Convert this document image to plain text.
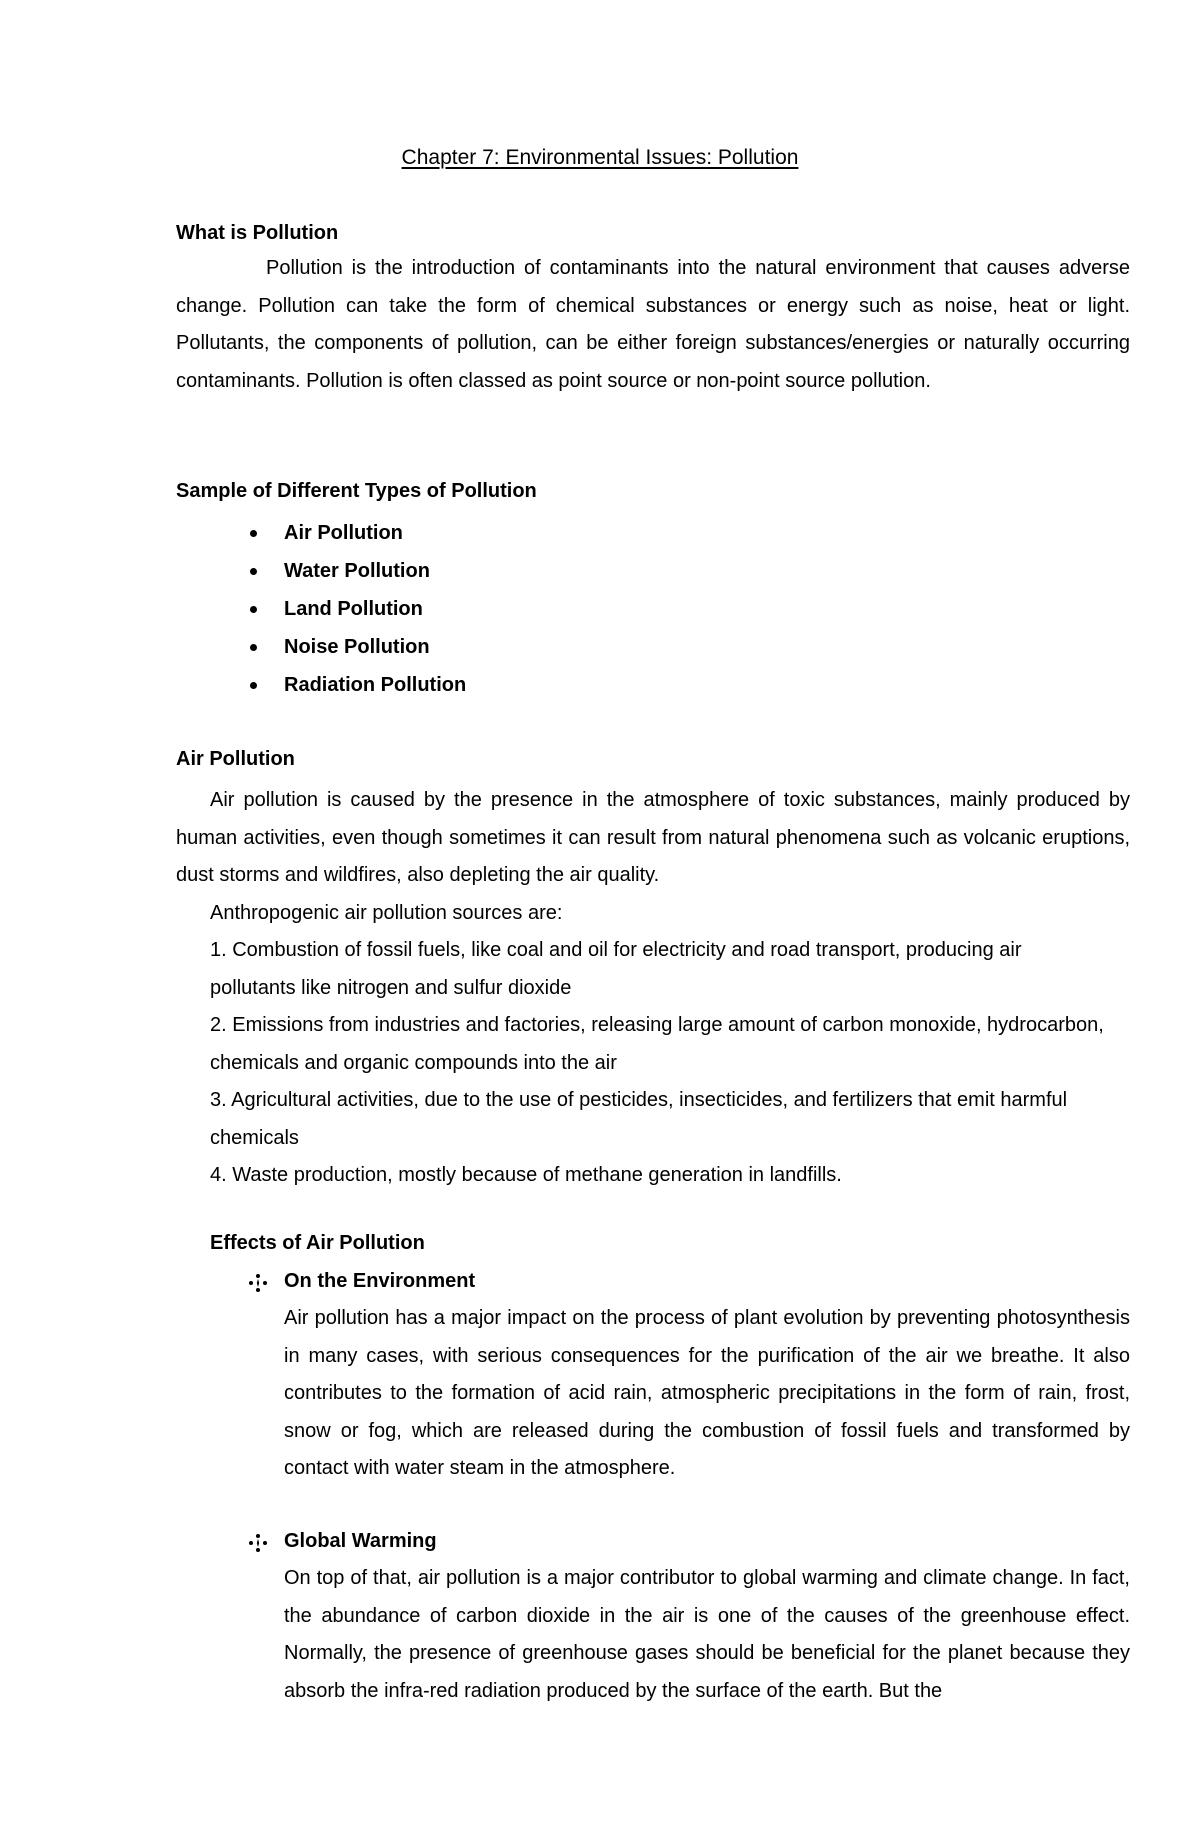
Chapter 7: Environmental Issues: Pollution
What is Pollution
Pollution is the introduction of contaminants into the natural environment that causes adverse change. Pollution can take the form of chemical substances or energy such as noise, heat or light. Pollutants, the components of pollution, can be either foreign substances/energies or naturally occurring contaminants. Pollution is often classed as point source or non-point source pollution.
Sample of Different Types of Pollution
Air Pollution
Water Pollution
Land Pollution
Noise Pollution
Radiation Pollution
Air Pollution
Air pollution is caused by the presence in the atmosphere of toxic substances, mainly produced by human activities, even though sometimes it can result from natural phenomena such as volcanic eruptions, dust storms and wildfires, also depleting the air quality.
Anthropogenic air pollution sources are:
1. Combustion of fossil fuels, like coal and oil for electricity and road transport, producing air pollutants like nitrogen and sulfur dioxide
2. Emissions from industries and factories, releasing large amount of carbon monoxide, hydrocarbon, chemicals and organic compounds into the air
3. Agricultural activities, due to the use of pesticides, insecticides, and fertilizers that emit harmful chemicals
4. Waste production, mostly because of methane generation in landfills.
Effects of Air Pollution
On the Environment
Air pollution has a major impact on the process of plant evolution by preventing photosynthesis in many cases, with serious consequences for the purification of the air we breathe. It also contributes to the formation of acid rain, atmospheric precipitations in the form of rain, frost, snow or fog, which are released during the combustion of fossil fuels and transformed by contact with water steam in the atmosphere.
Global Warming
On top of that, air pollution is a major contributor to global warming and climate change. In fact, the abundance of carbon dioxide in the air is one of the causes of the greenhouse effect. Normally, the presence of greenhouse gases should be beneficial for the planet because they absorb the infra-red radiation produced by the surface of the earth. But the
